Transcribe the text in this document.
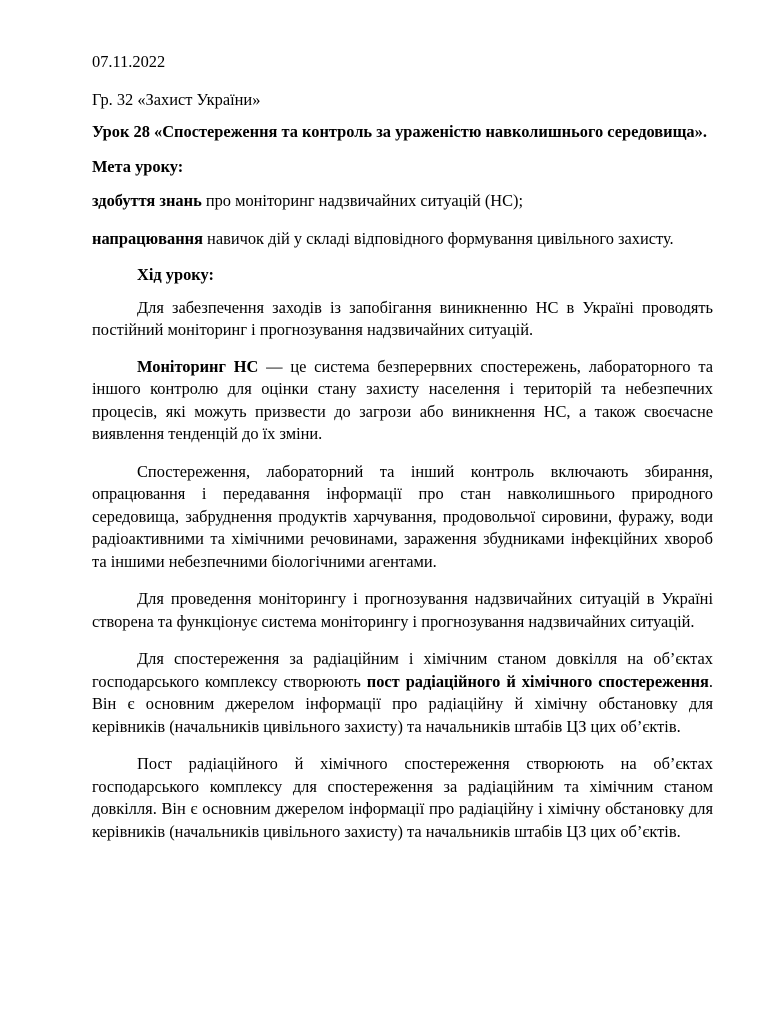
07.11.2022

Гр. 32 «Захист України»

Урок 28 «Спостереження та контроль за ураженістю навколишнього середовища».

Мета уроку:

здобуття знань про моніторинг надзвичайних ситуацій (НС);

напрацювання навичок дій у складі відповідного формування цивільного захисту.

Хід уроку:

Для забезпечення заходів із запобігання виникненню НС в Україні проводять постійний моніторинг і прогнозування надзвичайних ситуацій.

Моніторинг НС — це система безперервних спостережень, лабораторного та іншого контролю для оцінки стану захисту населення і територій та небезпечних процесів, які можуть призвести до загрози або виникнення НС, а також своєчасне виявлення тенденцій до їх зміни.

Спостереження, лабораторний та інший контроль включають збирання, опрацювання і передавання інформації про стан навколишнього природного середовища, забруднення продуктів харчування, продовольчої сировини, фуражу, води радіоактивними та хімічними речовинами, зараження збудниками інфекційних хвороб та іншими небезпечними біологічними агентами.

Для проведення моніторингу і прогнозування надзвичайних ситуацій в Україні створена та функціонує система моніторингу і прогнозування надзвичайних ситуацій.

Для спостереження за радіаційним і хімічним станом довкілля на об’єктах господарського комплексу створюють пост радіаційного й хімічного спостереження. Він є основним джерелом інформації про радіаційну й хімічну обстановку для керівників (начальників цивільного захисту) та начальників штабів ЦЗ цих об’єктів.

Пост радіаційного й хімічного спостереження створюють на об’єктах господарського комплексу для спостереження за радіаційним та хімічним станом довкілля. Він є основним джерелом інформації про радіаційну і хімічну обстановку для керівників (начальників цивільного захисту) та начальників штабів ЦЗ цих об’єктів.
